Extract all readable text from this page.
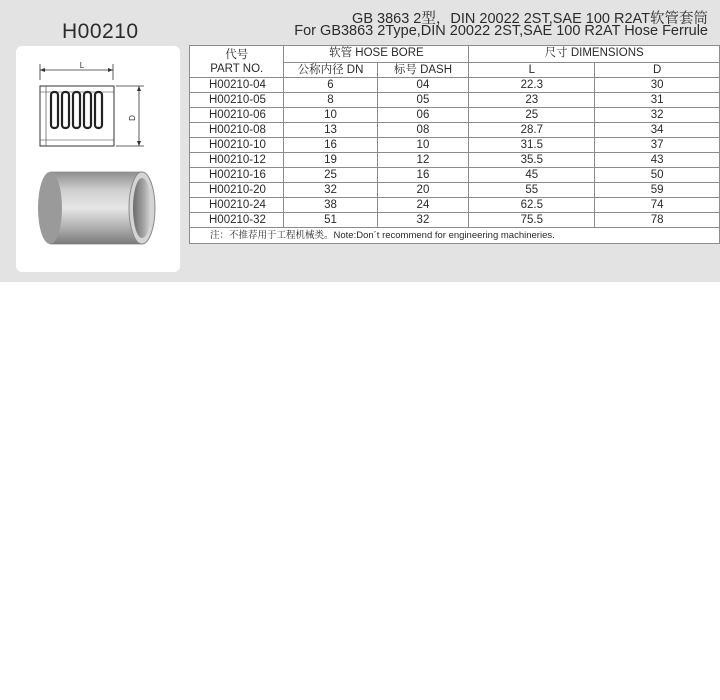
H00210
GB 3863 2型，DIN 20022 2ST,SAE 100 R2AT软管套筒
For GB3863 2Type,DIN 20022 2ST,SAE 100 R2AT Hose Ferrule
L
D
代号
PART NO.	软管 HOSE BORE		尺寸 DIMENSIONS	
	公称内径 DN	标号 DASH	L	D
H00210-04	6	04	22.3	30
H00210-05	8	05	23	31
H00210-06	10	06	25	32
H00210-08	13	08	28.7	34
H00210-10	16	10	31.5	37
H00210-12	19	12	35.5	43
H00210-16	25	16	45	50
H00210-20	32	20	55	59
H00210-24	38	24	62.5	74
H00210-32	51	32	75.5	78
注：不推荐用于工程机械类。Note:Don´t recommend for engineering machineries.				
